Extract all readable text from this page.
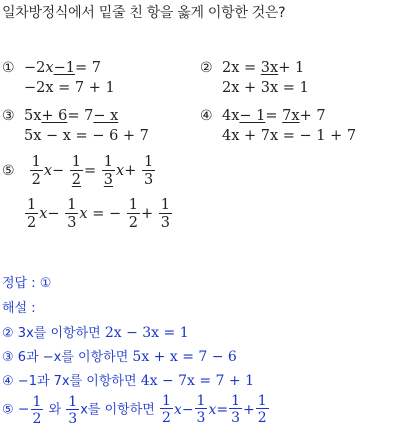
일차방정식에서 밑줄 친 항을 옳게 이항한 것은?
① −2x−1= 7
−2x = 7 + 1
② 2x = 3x+ 1
2x + 3x = 1
③ 5x+ 6= 7− x
5x − x = − 6 + 7
④ 4x− 1= 7x+ 7
4x + 7x = − 1 + 7
⑤ $\frac{1}{2} x- \frac{1}{2} = \frac{1}{3} x+ \frac{1}{3}$
$\frac{1}{2} x- \frac{1}{3}$ x = − $\frac{1}{2} + \frac{1}{3}$
정답 : ①
해설 :
② 3x를 이항하면 2x − 3x = 1
③ 6과 −x를 이항하면 5x + x = 7 − 6
④ −1과 7x를 이항하면 4x − 7x = 7 + 1
⑤ − $\frac{1}{2}$ 와 $\frac{1}{3}$ x를 이항하면 $\frac{1}{2} x- \frac{1}{3} x= \frac{1}{3} + \frac{1}{2}$
